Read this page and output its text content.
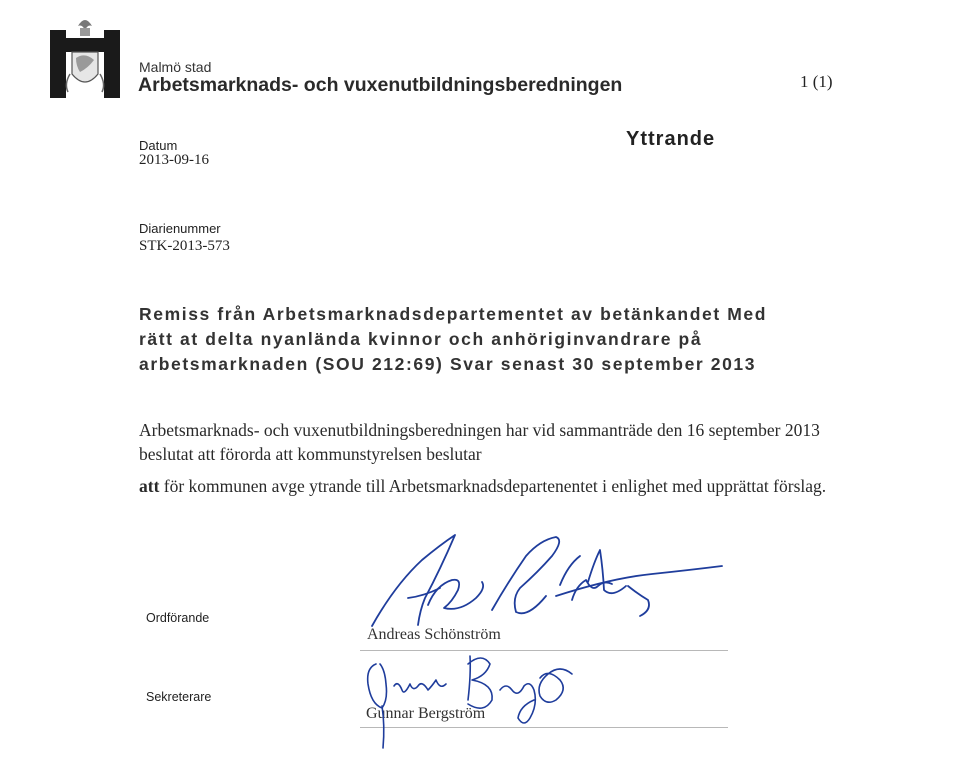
Malmö stad
Arbetsmarknads- och vuxenutbildningsberedningen	1 (1)
Datum
2013-09-16
Yttrande
Diarienummer
STK-2013-573
Remiss från Arbetsmarknadsdepartementet av betänkandet Med
rätt at delta nyanlända kvinnor och anhöriginvandrare på
arbetsmarknaden (SOU 212:69) Svar senast 30 september 2013
Arbetsmarknads- och vuxenutbildningsberedningen har vid sammanträde den 16 september 2013 beslutat att förorda att kommunstyrelsen beslutar
att för kommunen avge ytrande till Arbetsmarknadsdepartenentet i enlighet med upprättat förslag.
Ordförande
Sekreterare
Andreas Schönström
Gunnar Bergström
